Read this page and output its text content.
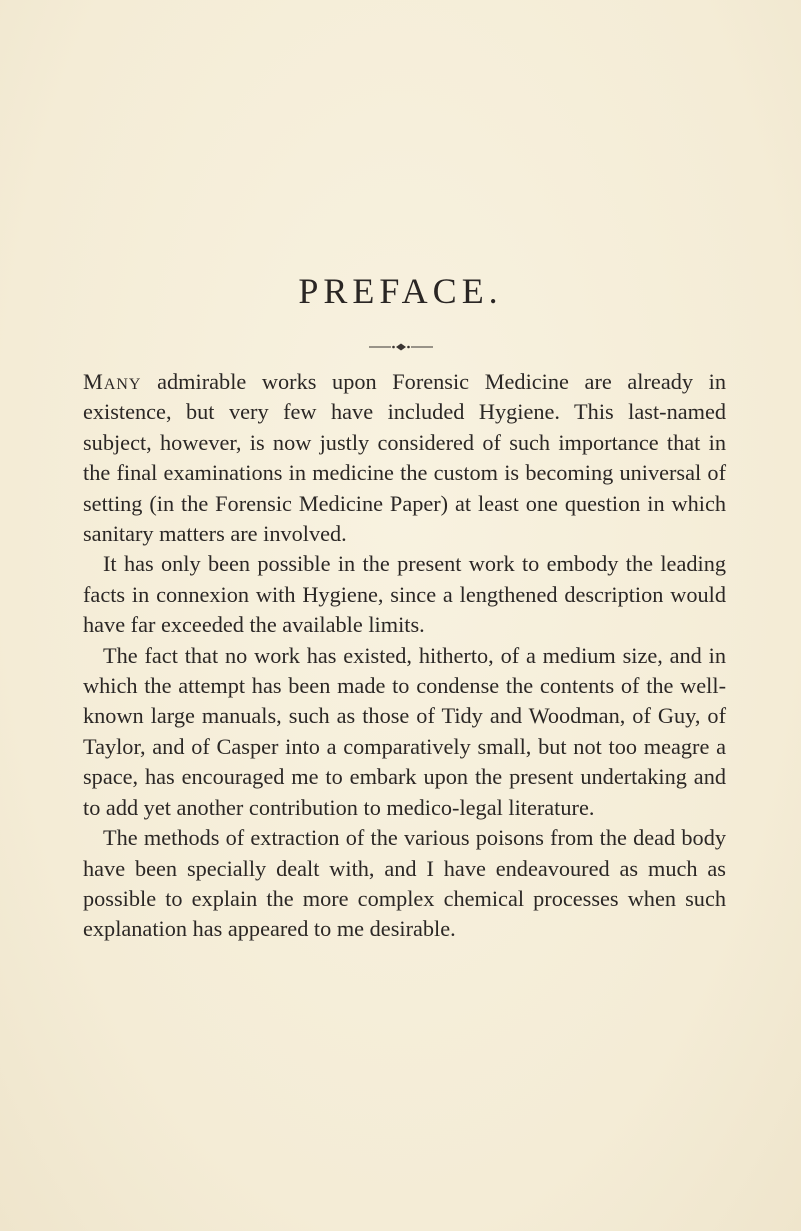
PREFACE.

Many admirable works upon Forensic Medicine are already in existence, but very few have included Hygiene. This last-named subject, however, is now justly considered of such importance that in the final examinations in medicine the custom is becoming universal of setting (in the Forensic Medicine Paper) at least one question in which sanitary matters are involved.

It has only been possible in the present work to embody the leading facts in connexion with Hygiene, since a lengthened description would have far exceeded the available limits.

The fact that no work has existed, hitherto, of a medium size, and in which the attempt has been made to condense the contents of the well-known large manuals, such as those of Tidy and Woodman, of Guy, of Taylor, and of Casper into a comparatively small, but not too meagre a space, has encouraged me to embark upon the present undertaking and to add yet another contribution to medico-legal literature.

The methods of extraction of the various poisons from the dead body have been specially dealt with, and I have endeavoured as much as possible to explain the more complex chemical processes when such explanation has appeared to me desirable.
